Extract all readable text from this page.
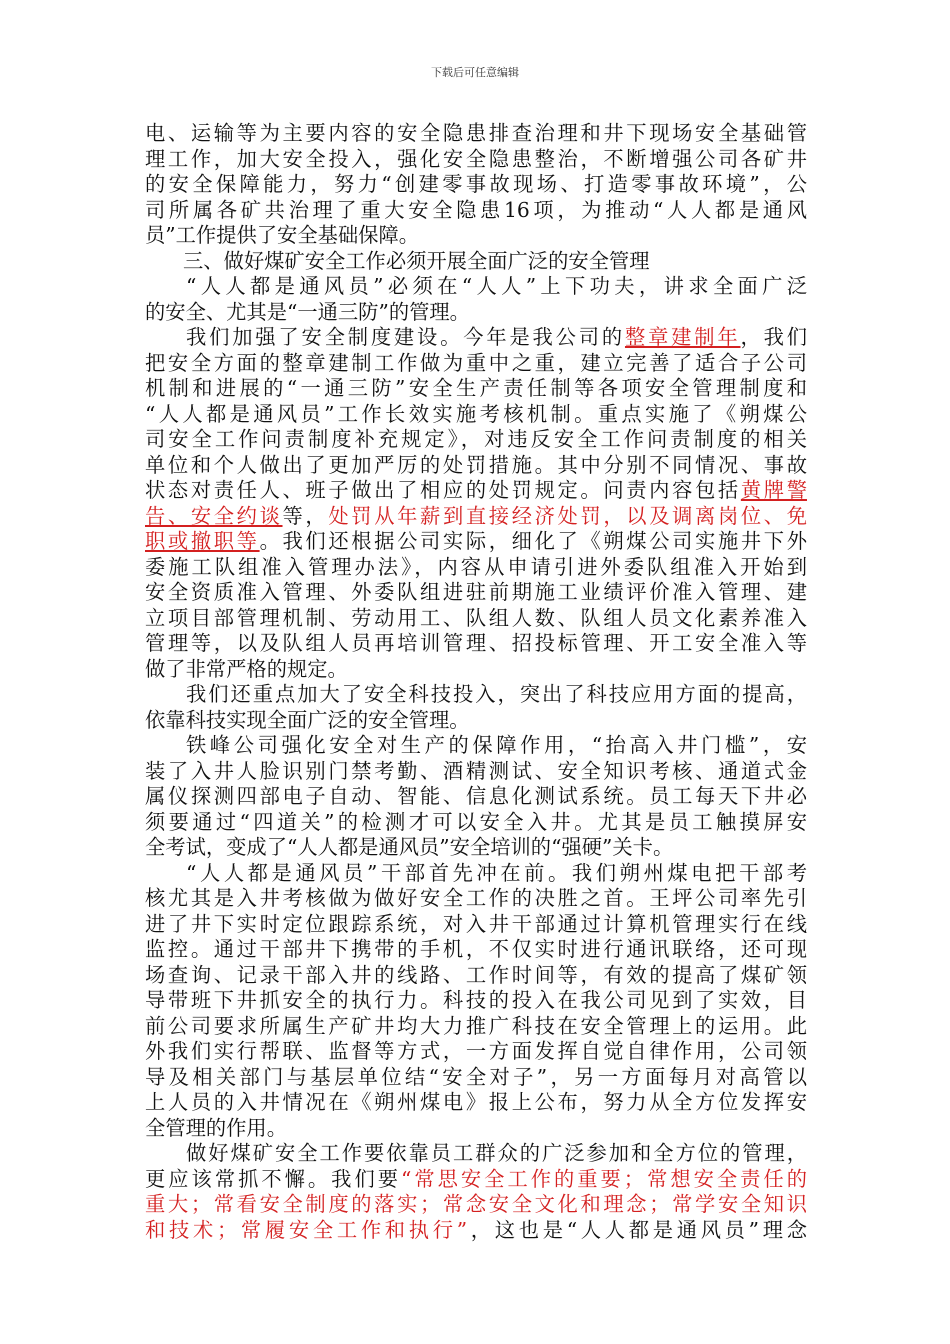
下载后可任意编辑
电、运输等为主要内容的安全隐患排查治理和井下现场安全基础管
理工作，加大安全投入，强化安全隐患整治，不断增强公司各矿井
的安全保障能力，努力“创建零事故现场、打造零事故环境”，公
司所属各矿共治理了重大安全隐患16项，为推动“人人都是通风
员”工作提供了安全基础保障。
三、做好煤矿安全工作必须开展全面广泛的安全管理
“人人都是通风员”必须在“人人”上下功夫，讲求全面广泛
的安全、尤其是“一通三防”的管理。
我们加强了安全制度建设。今年是我公司的整章建制年，我们
把安全方面的整章建制工作做为重中之重，建立完善了适合子公司
机制和进展的“一通三防”安全生产责任制等各项安全管理制度和
“人人都是通风员”工作长效实施考核机制。重点实施了《朔煤公
司安全工作问责制度补充规定》，对违反安全工作问责制度的相关
单位和个人做出了更加严厉的处罚措施。其中分别不同情况、事故
状态对责任人、班子做出了相应的处罚规定。问责内容包括黄牌警
告、安全约谈等，处罚从年薪到直接经济处罚，以及调离岗位、免
职或撤职等。我们还根据公司实际，细化了《朔煤公司实施井下外
委施工队组准入管理办法》，内容从申请引进外委队组准入开始到
安全资质准入管理、外委队组进驻前期施工业绩评价准入管理、建
立项目部管理机制、劳动用工、队组人数、队组人员文化素养准入
管理等，以及队组人员再培训管理、招投标管理、开工安全准入等
做了非常严格的规定。
我们还重点加大了安全科技投入，突出了科技应用方面的提高，
依靠科技实现全面广泛的安全管理。
铁峰公司强化安全对生产的保障作用，“抬高入井门槛”，安
装了入井人脸识别门禁考勤、酒精测试、安全知识考核、通道式金
属仪探测四部电子自动、智能、信息化测试系统。员工每天下井必
须要通过“四道关”的检测才可以安全入井。尤其是员工触摸屏安
全考试，变成了“人人都是通风员”安全培训的“强硬”关卡。
“人人都是通风员”干部首先冲在前。我们朔州煤电把干部考
核尤其是入井考核做为做好安全工作的决胜之首。王坪公司率先引
进了井下实时定位跟踪系统，对入井干部通过计算机管理实行在线
监控。通过干部井下携带的手机，不仅实时进行通讯联络，还可现
场查询、记录干部入井的线路、工作时间等，有效的提高了煤矿领
导带班下井抓安全的执行力。科技的投入在我公司见到了实效，目
前公司要求所属生产矿井均大力推广科技在安全管理上的运用。此
外我们实行帮联、监督等方式，一方面发挥自觉自律作用，公司领
导及相关部门与基层单位结“安全对子”，另一方面每月对高管以
上人员的入井情况在《朔州煤电》报上公布，努力从全方位发挥安
全管理的作用。
做好煤矿安全工作要依靠员工群众的广泛参加和全方位的管理，
更应该常抓不懈。我们要“常思安全工作的重要；常想安全责任的
重大；常看安全制度的落实；常念安全文化和理念；常学安全知识
和技术；常履安全工作和执行”，这也是“人人都是通风员”理念
